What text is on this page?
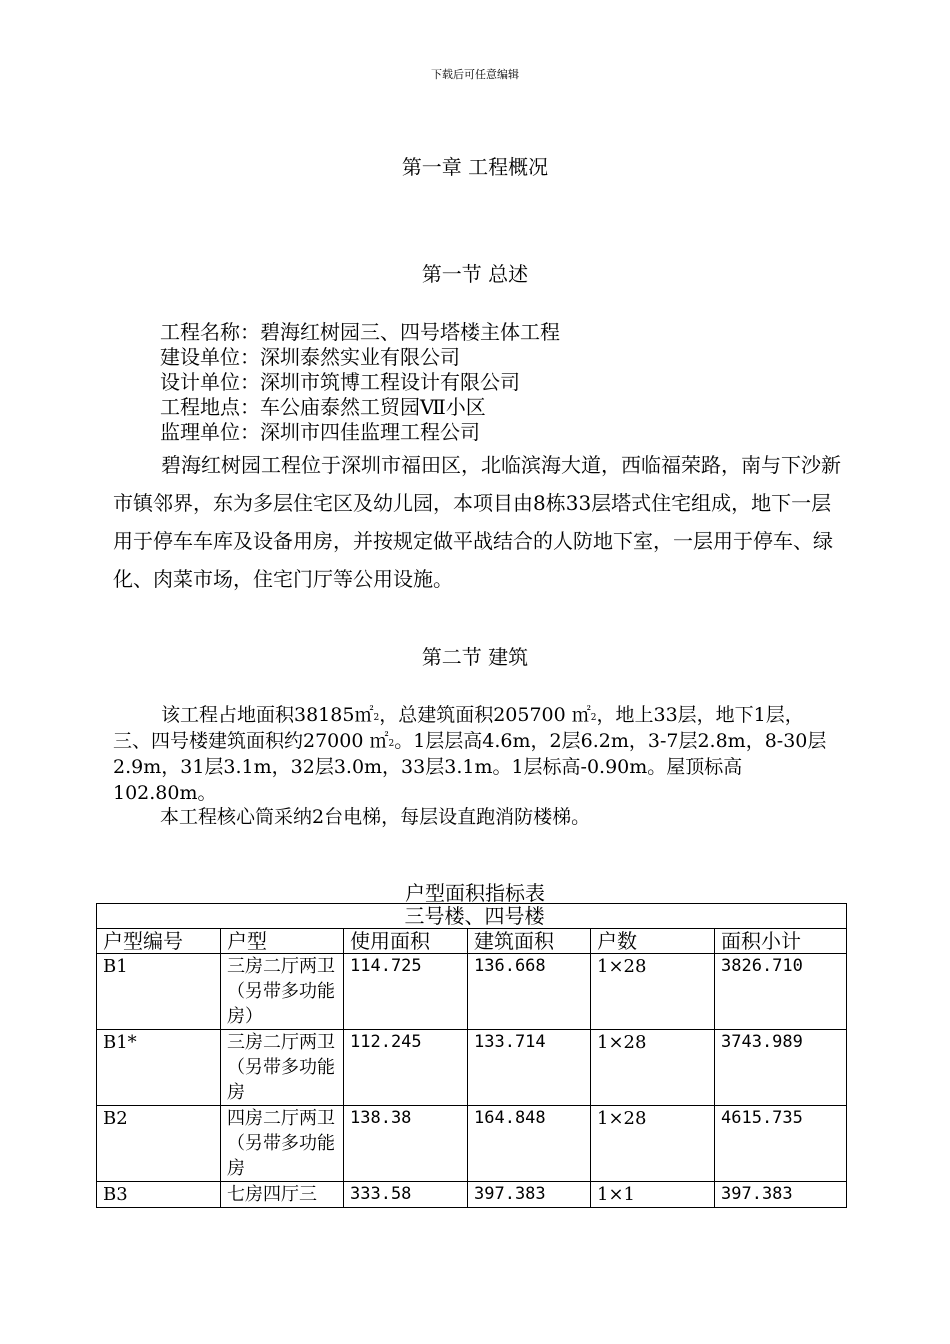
下载后可任意编辑
第一章 工程概况
第一节 总述
工程名称：碧海红树园三、四号塔楼主体工程
建设单位：深圳泰然实业有限公司
设计单位：深圳市筑博工程设计有限公司
工程地点：车公庙泰然工贸园Ⅶ小区
监理单位：深圳市四佳监理工程公司
碧海红树园工程位于深圳市福田区，北临滨海大道，西临福荣路，南与下沙新市镇邻界，东为多层住宅区及幼儿园，本项目由8栋33层塔式住宅组成，地下一层用于停车车库及设备用房，并按规定做平战结合的人防地下室，一层用于停车、绿化、肉菜市场，住宅门厅等公用设施。
第二节 建筑
该工程占地面积38185㎡$^2$，总建筑面积205700 ㎡$^2$，地上33层，地下1层，三、四号楼建筑面积约27000 ㎡$^2$。1层层高4.6m，2层6.2m，3-7层2.8m，8-30层2.9m，31层3.1m，32层3.0m，33层3.1m。1层标高-0.90m。屋顶标高102.80m。
本工程核心筒采纳2台电梯，每层设直跑消防楼梯。
户型面积指标表
三号楼、四号楼					
户型编号	户型	使用面积	建筑面积	户数	面积小计
B1	三房二厅两卫（另带多功能房）	114.725	136.668	1×28	3826.710
B1*	三房二厅两卫（另带多功能房	112.245	133.714	1×28	3743.989
B2	四房二厅两卫（另带多功能房	138.38	164.848	1×28	4615.735
B3	七房四厅三	333.58	397.383	1×1	397.383
